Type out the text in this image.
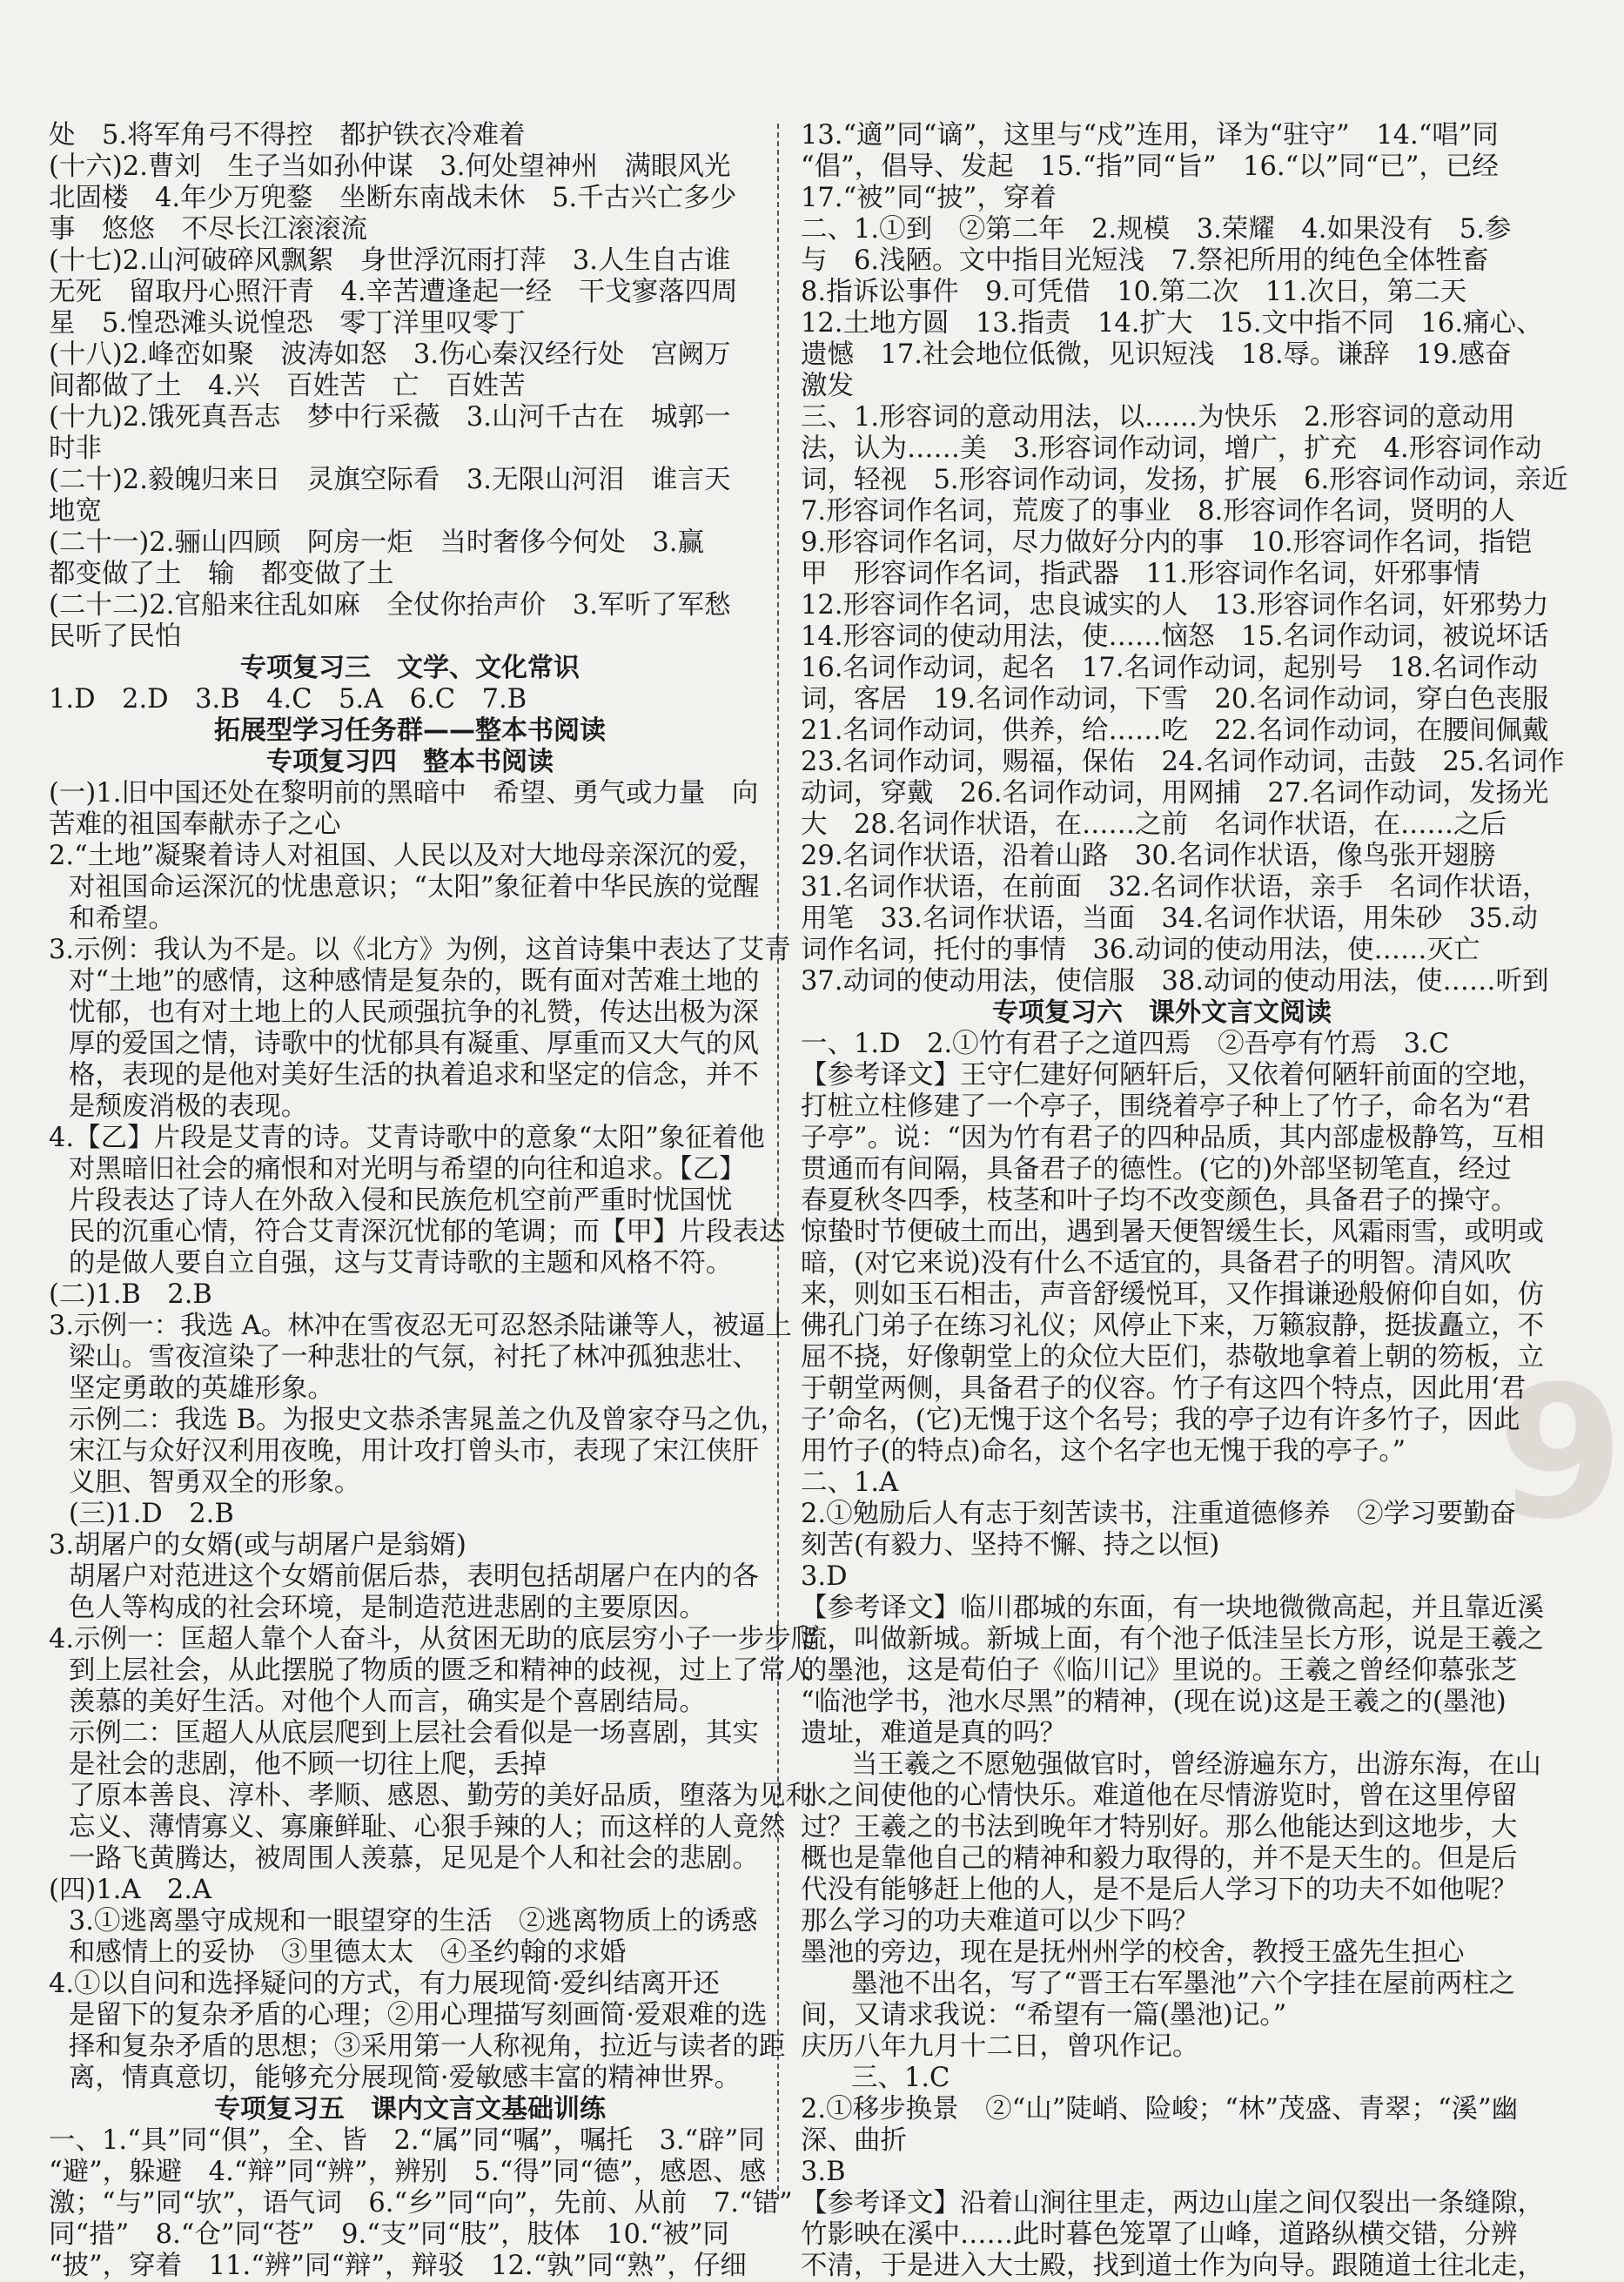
9
处　5.将军角弓不得控　都护铁衣冷难着
(十六)2.曹刘　生子当如孙仲谋　3.何处望神州　满眼风光
北固楼　4.年少万兜鍪　坐断东南战未休　5.千古兴亡多少
事　悠悠　不尽长江滚滚流
(十七)2.山河破碎风飘絮　身世浮沉雨打萍　3.人生自古谁
无死　留取丹心照汗青　4.辛苦遭逢起一经　干戈寥落四周
星　5.惶恐滩头说惶恐　零丁洋里叹零丁
(十八)2.峰峦如聚　波涛如怒　3.伤心秦汉经行处　宫阙万
间都做了土　4.兴　百姓苦　亡　百姓苦
(十九)2.饿死真吾志　梦中行采薇　3.山河千古在　城郭一
时非
(二十)2.毅魄归来日　灵旗空际看　3.无限山河泪　谁言天
地宽
(二十一)2.骊山四顾　阿房一炬　当时奢侈今何处　3.赢
都变做了土　输　都变做了土
(二十二)2.官船来往乱如麻　全仗你抬声价　3.军听了军愁
民听了民怕
专项复习三　文学、文化常识
1.D　2.D　3.B　4.C　5.A　6.C　7.B
拓展型学习任务群——整本书阅读
专项复习四　整本书阅读
(一)1.旧中国还处在黎明前的黑暗中　希望、勇气或力量　向
苦难的祖国奉献赤子之心
2.“土地”凝聚着诗人对祖国、人民以及对大地母亲深沉的爱，
对祖国命运深沉的忧患意识；“太阳”象征着中华民族的觉醒
和希望。
3.示例：我认为不是。以《北方》为例，这首诗集中表达了艾青
对“土地”的感情，这种感情是复杂的，既有面对苦难土地的
忧郁，也有对土地上的人民顽强抗争的礼赞，传达出极为深
厚的爱国之情，诗歌中的忧郁具有凝重、厚重而又大气的风
格，表现的是他对美好生活的执着追求和坚定的信念，并不
是颓废消极的表现。
4.【乙】片段是艾青的诗。艾青诗歌中的意象“太阳”象征着他
对黑暗旧社会的痛恨和对光明与希望的向往和追求。【乙】
片段表达了诗人在外敌入侵和民族危机空前严重时忧国忧
民的沉重心情，符合艾青深沉忧郁的笔调；而【甲】片段表达
的是做人要自立自强，这与艾青诗歌的主题和风格不符。
(二)1.B　2.B
3.示例一：我选 A。林冲在雪夜忍无可忍怒杀陆谦等人，被逼上
梁山。雪夜渲染了一种悲壮的气氛，衬托了林冲孤独悲壮、
坚定勇敢的英雄形象。
示例二：我选 B。为报史文恭杀害晁盖之仇及曾家夺马之仇，
宋江与众好汉利用夜晚，用计攻打曾头市，表现了宋江侠肝
义胆、智勇双全的形象。
(三)1.D　2.B
3.胡屠户的女婿(或与胡屠户是翁婿)
胡屠户对范进这个女婿前倨后恭，表明包括胡屠户在内的各
色人等构成的社会环境，是制造范进悲剧的主要原因。
4.示例一：匡超人靠个人奋斗，从贫困无助的底层穷小子一步步爬
到上层社会，从此摆脱了物质的匮乏和精神的歧视，过上了常人
羡慕的美好生活。对他个人而言，确实是个喜剧结局。
示例二：匡超人从底层爬到上层社会看似是一场喜剧，其实
是社会的悲剧，他不顾一切往上爬，丢掉
了原本善良、淳朴、孝顺、感恩、勤劳的美好品质，堕落为见利
忘义、薄情寡义、寡廉鲜耻、心狠手辣的人；而这样的人竟然
一路飞黄腾达，被周围人羡慕，足见是个人和社会的悲剧。
(四)1.A　2.A
3.①逃离墨守成规和一眼望穿的生活　②逃离物质上的诱惑
和感情上的妥协　③里德太太　④圣约翰的求婚
4.①以自问和选择疑问的方式，有力展现简·爱纠结离开还
是留下的复杂矛盾的心理；②用心理描写刻画简·爱艰难的选
择和复杂矛盾的思想；③采用第一人称视角，拉近与读者的距
离，情真意切，能够充分展现简·爱敏感丰富的精神世界。
专项复习五　课内文言文基础训练
一、1.“具”同“俱”，全、皆　2.“属”同“嘱”，嘱托　3.“辟”同
“避”，躲避　4.“辩”同“辨”，辨别　5.“得”同“德”，感恩、感
激；“与”同“欤”，语气词　6.“乡”同“向”，先前、从前　7.“错”
同“措”　8.“仓”同“苍”　9.“支”同“肢”，肢体　10.“被”同
“披”，穿着　11.“辨”同“辩”，辩驳　12.“孰”同“熟”，仔细
13.“適”同“谪”，这里与“戍”连用，译为“驻守”　14.“唱”同
“倡”，倡导、发起　15.“指”同“旨”　16.“以”同“已”，已经
17.“被”同“披”，穿着
二、1.①到　②第二年　2.规模　3.荣耀　4.如果没有　5.参
与　6.浅陋。文中指目光短浅　7.祭祀所用的纯色全体牲畜
8.指诉讼事件　9.可凭借　10.第二次　11.次日，第二天
12.土地方圆　13.指责　14.扩大　15.文中指不同　16.痛心、
遗憾　17.社会地位低微，见识短浅　18.辱。谦辞　19.感奋
激发
三、1.形容词的意动用法，以……为快乐　2.形容词的意动用
法，认为……美　3.形容词作动词，增广，扩充　4.形容词作动
词，轻视　5.形容词作动词，发扬，扩展　6.形容词作动词，亲近
7.形容词作名词，荒废了的事业　8.形容词作名词，贤明的人
9.形容词作名词，尽力做好分内的事　10.形容词作名词，指铠
甲　形容词作名词，指武器　11.形容词作名词，奸邪事情
12.形容词作名词，忠良诚实的人　13.形容词作名词，奸邪势力
14.形容词的使动用法，使……恼怒　15.名词作动词，被说坏话
16.名词作动词，起名　17.名词作动词，起别号　18.名词作动
词，客居　19.名词作动词，下雪　20.名词作动词，穿白色丧服
21.名词作动词，供养，给……吃　22.名词作动词，在腰间佩戴
23.名词作动词，赐福，保佑　24.名词作动词，击鼓　25.名词作
动词，穿戴　26.名词作动词，用网捕　27.名词作动词，发扬光
大　28.名词作状语，在……之前　名词作状语，在……之后
29.名词作状语，沿着山路　30.名词作状语，像鸟张开翅膀
31.名词作状语，在前面　32.名词作状语，亲手　名词作状语，
用笔　33.名词作状语，当面　34.名词作状语，用朱砂　35.动
词作名词，托付的事情　36.动词的使动用法，使……灭亡
37.动词的使动用法，使信服　38.动词的使动用法，使……听到
专项复习六　课外文言文阅读
一、1.D　2.①竹有君子之道四焉　②吾亭有竹焉　3.C
【参考译文】王守仁建好何陋轩后，又依着何陋轩前面的空地，
打桩立柱修建了一个亭子，围绕着亭子种上了竹子，命名为“君
子亭”。说：“因为竹有君子的四种品质，其内部虚极静笃，互相
贯通而有间隔，具备君子的德性。(它的)外部坚韧笔直，经过
春夏秋冬四季，枝茎和叶子均不改变颜色，具备君子的操守。
惊蛰时节便破土而出，遇到暑天便智缓生长，风霜雨雪，或明或
暗，(对它来说)没有什么不适宜的，具备君子的明智。清风吹
来，则如玉石相击，声音舒缓悦耳，又作揖谦逊般俯仰自如，仿
佛孔门弟子在练习礼仪；风停止下来，万籁寂静，挺拔矗立，不
屈不挠，好像朝堂上的众位大臣们，恭敬地拿着上朝的笏板，立
于朝堂两侧，具备君子的仪容。竹子有这四个特点，因此用‘君
子’命名，(它)无愧于这个名号；我的亭子边有许多竹子，因此
用竹子(的特点)命名，这个名字也无愧于我的亭子。”
二、1.A
2.①勉励后人有志于刻苦读书，注重道德修养　②学习要勤奋
刻苦(有毅力、坚持不懈、持之以恒)
3.D
【参考译文】临川郡城的东面，有一块地微微高起，并且靠近溪
流，叫做新城。新城上面，有个池子低洼呈长方形，说是王羲之
的墨池，这是荀伯子《临川记》里说的。王羲之曾经仰慕张芝
“临池学书，池水尽黑”的精神，(现在说)这是王羲之的(墨池)
遗址，难道是真的吗？
当王羲之不愿勉强做官时，曾经游遍东方，出游东海，在山
水之间使他的心情快乐。难道他在尽情游览时，曾在这里停留
过？王羲之的书法到晚年才特别好。那么他能达到这地步，大
概也是靠他自己的精神和毅力取得的，并不是天生的。但是后
代没有能够赶上他的人，是不是后人学习下的功夫不如他呢？
那么学习的功夫难道可以少下吗？
墨池的旁边，现在是抚州州学的校舍，教授王盛先生担心
墨池不出名，写了“晋王右军墨池”六个字挂在屋前两柱之
间，又请求我说：“希望有一篇(墨池)记。”
庆历八年九月十二日，曾巩作记。
三、1.C
2.①移步换景　②“山”陡峭、险峻；“林”茂盛、青翠；“溪”幽
深、曲折
3.B
【参考译文】沿着山涧往里走，两边山崖之间仅裂出一条缝隙，
竹影映在溪中……此时暮色笼罩了山峰，道路纵横交错，分辨
不清，于是进入大士殿，找到道士作为向导。跟随道士往北走，
